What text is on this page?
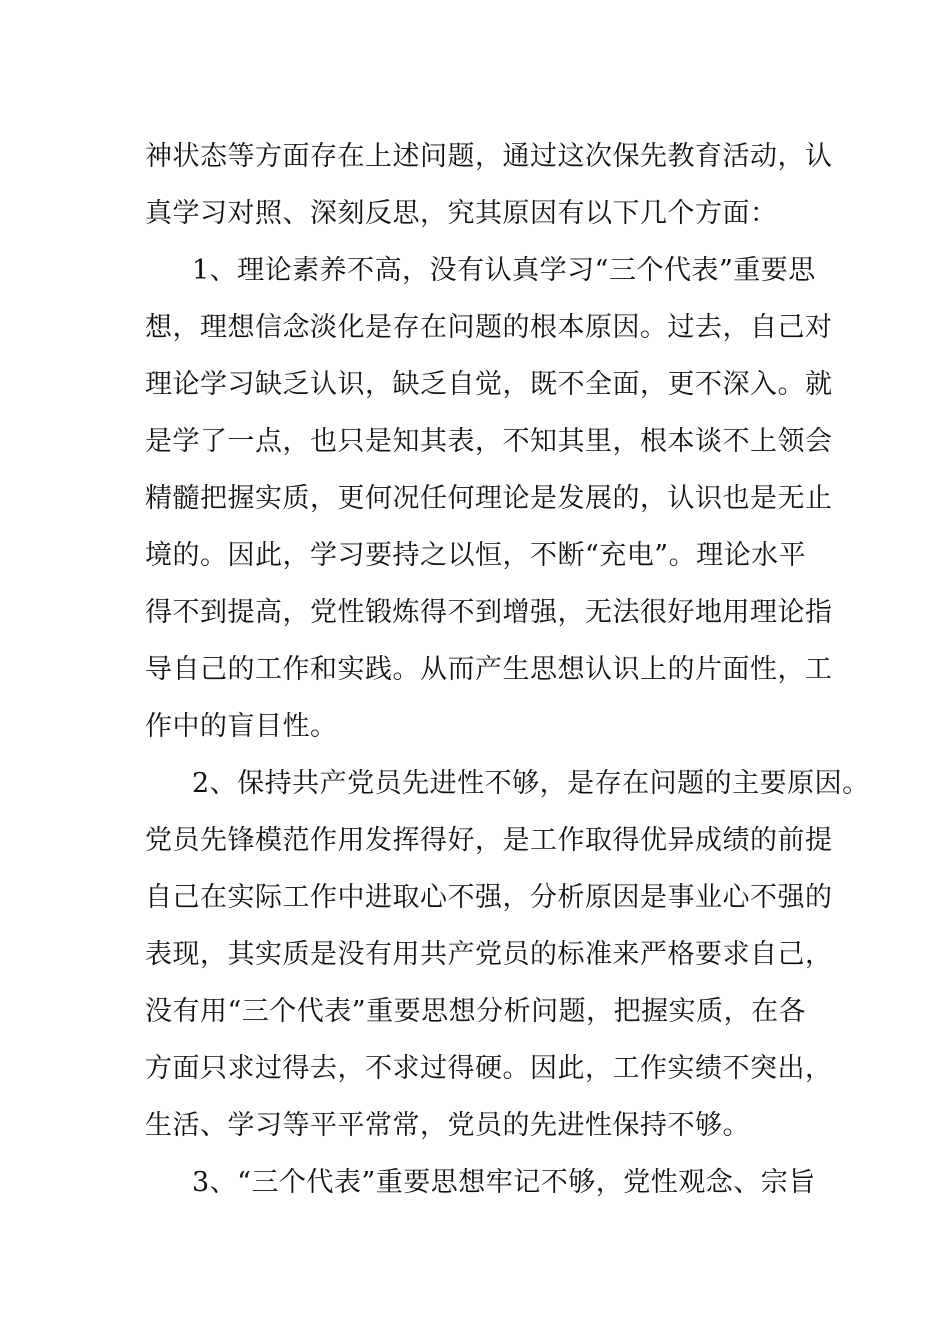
神状态等方面存在上述问题，通过这次保先教育活动，认
真学习对照、深刻反思，究其原因有以下几个方面：
1、理论素养不高，没有认真学习“三个代表”重要思
想，理想信念淡化是存在问题的根本原因。过去，自己对
理论学习缺乏认识，缺乏自觉，既不全面，更不深入。就
是学了一点，也只是知其表，不知其里，根本谈不上领会
精髓把握实质，更何况任何理论是发展的，认识也是无止
境的。因此，学习要持之以恒，不断“充电”。理论水平
得不到提高，党性锻炼得不到增强，无法很好地用理论指
导自己的工作和实践。从而产生思想认识上的片面性，工
作中的盲目性。
2、保持共产党员先进性不够，是存在问题的主要原因。
党员先锋模范作用发挥得好，是工作取得优异成绩的前提
自己在实际工作中进取心不强，分析原因是事业心不强的
表现，其实质是没有用共产党员的标准来严格要求自己，
没有用“三个代表”重要思想分析问题，把握实质，在各
方面只求过得去，不求过得硬。因此，工作实绩不突出，
生活、学习等平平常常，党员的先进性保持不够。
3、“三个代表”重要思想牢记不够，党性观念、宗旨
